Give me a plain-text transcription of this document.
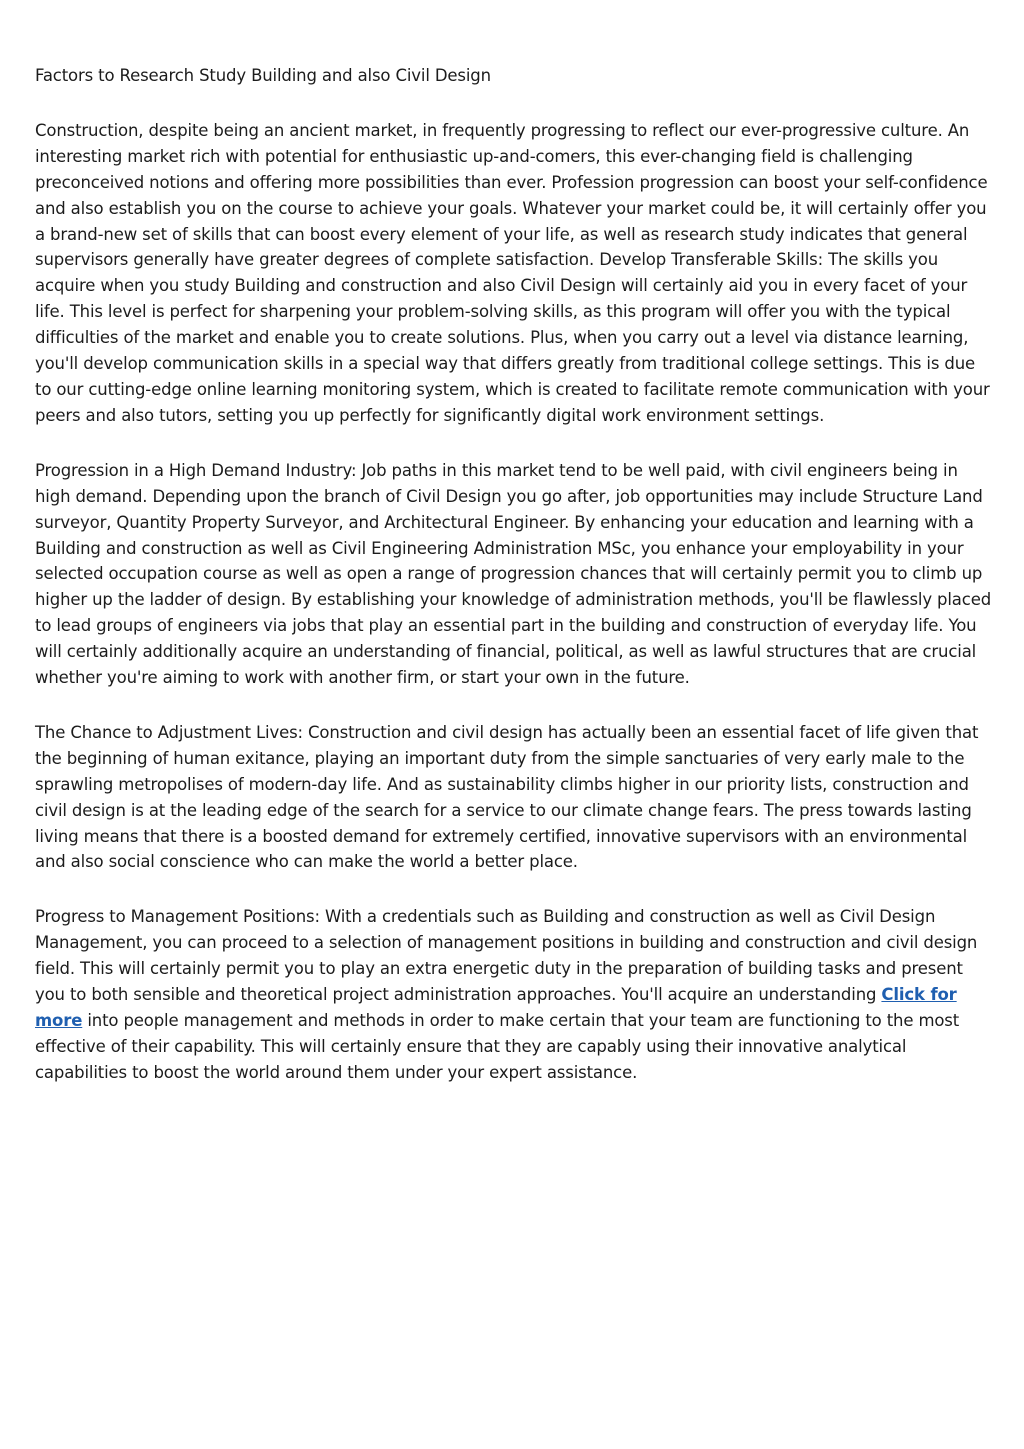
Factors to Research Study Building and also Civil Design

Construction, despite being an ancient market, in frequently progressing to reflect our ever-progressive culture. An interesting market rich with potential for enthusiastic up-and-comers, this ever-changing field is challenging preconceived notions and offering more possibilities than ever. Profession progression can boost your self-confidence and also establish you on the course to achieve your goals. Whatever your market could be, it will certainly offer you a brand-new set of skills that can boost every element of your life, as well as research study indicates that general supervisors generally have greater degrees of complete satisfaction. Develop Transferable Skills: The skills you acquire when you study Building and construction and also Civil Design will certainly aid you in every facet of your life. This level is perfect for sharpening your problem-solving skills, as this program will offer you with the typical difficulties of the market and enable you to create solutions. Plus, when you carry out a level via distance learning, you'll develop communication skills in a special way that differs greatly from traditional college settings. This is due to our cutting-edge online learning monitoring system, which is created to facilitate remote communication with your peers and also tutors, setting you up perfectly for significantly digital work environment settings.

Progression in a High Demand Industry: Job paths in this market tend to be well paid, with civil engineers being in high demand. Depending upon the branch of Civil Design you go after, job opportunities may include Structure Land surveyor, Quantity Property Surveyor, and Architectural Engineer. By enhancing your education and learning with a Building and construction as well as Civil Engineering Administration MSc, you enhance your employability in your selected occupation course as well as open a range of progression chances that will certainly permit you to climb up higher up the ladder of design. By establishing your knowledge of administration methods, you'll be flawlessly placed to lead groups of engineers via jobs that play an essential part in the building and construction of everyday life. You will certainly additionally acquire an understanding of financial, political, as well as lawful structures that are crucial whether you're aiming to work with another firm, or start your own in the future.

The Chance to Adjustment Lives: Construction and civil design has actually been an essential facet of life given that the beginning of human exitance, playing an important duty from the simple sanctuaries of very early male to the sprawling metropolises of modern-day life. And as sustainability climbs higher in our priority lists, construction and civil design is at the leading edge of the search for a service to our climate change fears. The press towards lasting living means that there is a boosted demand for extremely certified, innovative supervisors with an environmental and also social conscience who can make the world a better place.

Progress to Management Positions: With a credentials such as Building and construction as well as Civil Design Management, you can proceed to a selection of management positions in building and construction and civil design field. This will certainly permit you to play an extra energetic duty in the preparation of building tasks and present you to both sensible and theoretical project administration approaches. You'll acquire an understanding Click for more into people management and methods in order to make certain that your team are functioning to the most effective of their capability. This will certainly ensure that they are capably using their innovative analytical capabilities to boost the world around them under your expert assistance.
